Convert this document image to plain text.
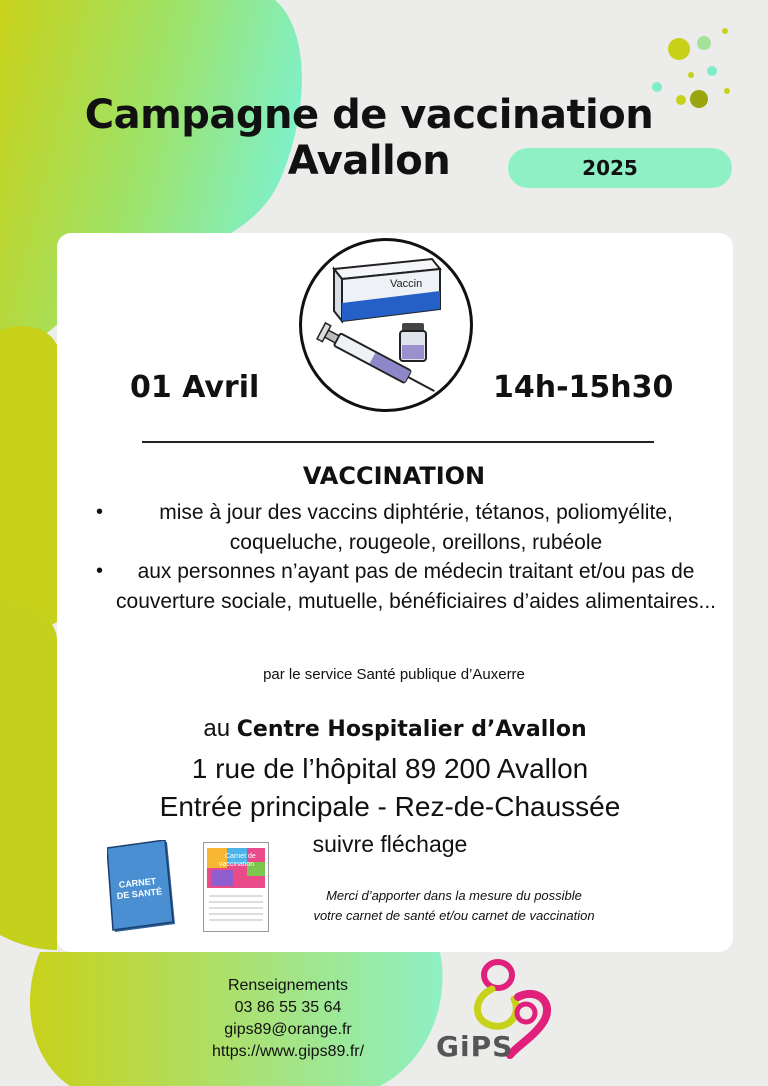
Campagne de vaccination
Avallon	2025
Vaccin
01 Avril	14h-15h30
VACCINATION
•	mise à jour des vaccins diphtérie, tétanos, poliomyélite, coqueluche, rougeole, oreillons, rubéole
•	aux personnes n’ayant pas de médecin traitant et/ou pas de couverture sociale, mutuelle, bénéficiaires d’aides alimentaires...
par le service Santé publique d’Auxerre
au Centre Hospitalier d’Avallon
1 rue de l’hôpital 89 200 Avallon
Entrée principale - Rez-de-Chaussée
suivre fléchage
CARNET
DE SANTÉ
Carnet de
vaccination
Merci d’apporter dans la mesure du possible
votre carnet de santé et/ou carnet de vaccination
Renseignements
03 86 55 35 64
gips89@orange.fr
https://www.gips89.fr/	GiPS
